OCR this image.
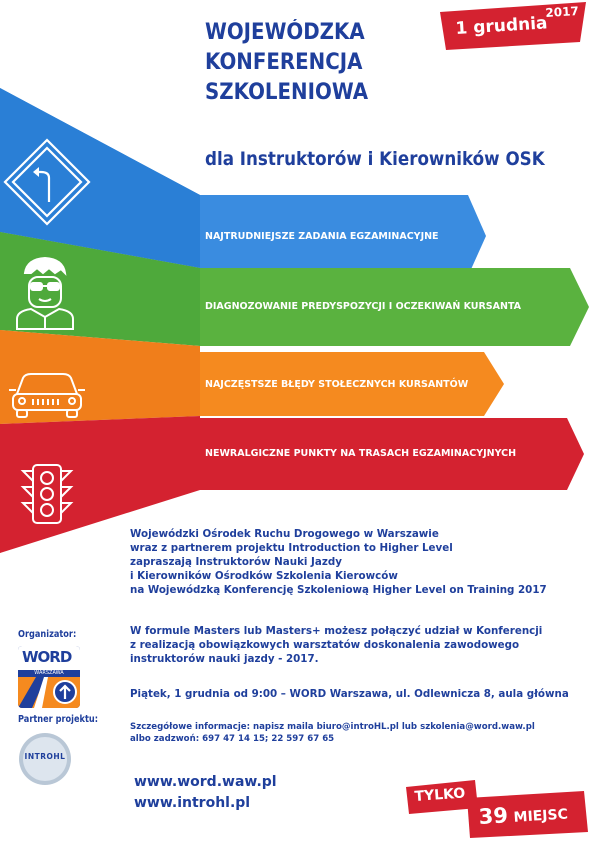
WOJEWÓDZKA
KONFERENCJA
SZKOLENIOWA
dla Instruktorów i Kierowników OSK
1 grudnia
2017
NAJTRUDNIEJSZE ZADANIA EGZAMINACYJNE
DIAGNOZOWANIE PREDYSPOZYCJI I OCZEKIWAŃ KURSANTA
NAJCZĘSTSZE BŁĘDY STOŁECZNYCH KURSANTÓW
NEWRALGICZNE PUNKTY NA TRASACH EGZAMINACYJNYCH
Wojewódzki Ośrodek Ruchu Drogowego w Warszawie
wraz z partnerem projektu Introduction to Higher Level
zapraszają Instruktorów Nauki Jazdy
i Kierowników Ośrodków Szkolenia Kierowców
na Wojewódzką Konferencję Szkoleniową Higher Level on Training 2017
W formule Masters lub Masters+ możesz połączyć udział w Konferencji
z realizacją obowiązkowych warsztatów doskonalenia zawodowego
instruktorów nauki jazdy - 2017.
Piątek, 1 grudnia od 9:00 – WORD Warszawa, ul. Odlewnicza 8, aula główna
Szczegółowe informacje: napisz maila biuro@introHL.pl lub szkolenia@word.waw.pl
albo zadzwoń: 697 47 14 15; 22 597 67 65
Organizator:
WORD
WARSZAWA
Partner projektu:
INTROHL
www.word.waw.pl
www.introhl.pl	TYLKO
39 MIEJSC
